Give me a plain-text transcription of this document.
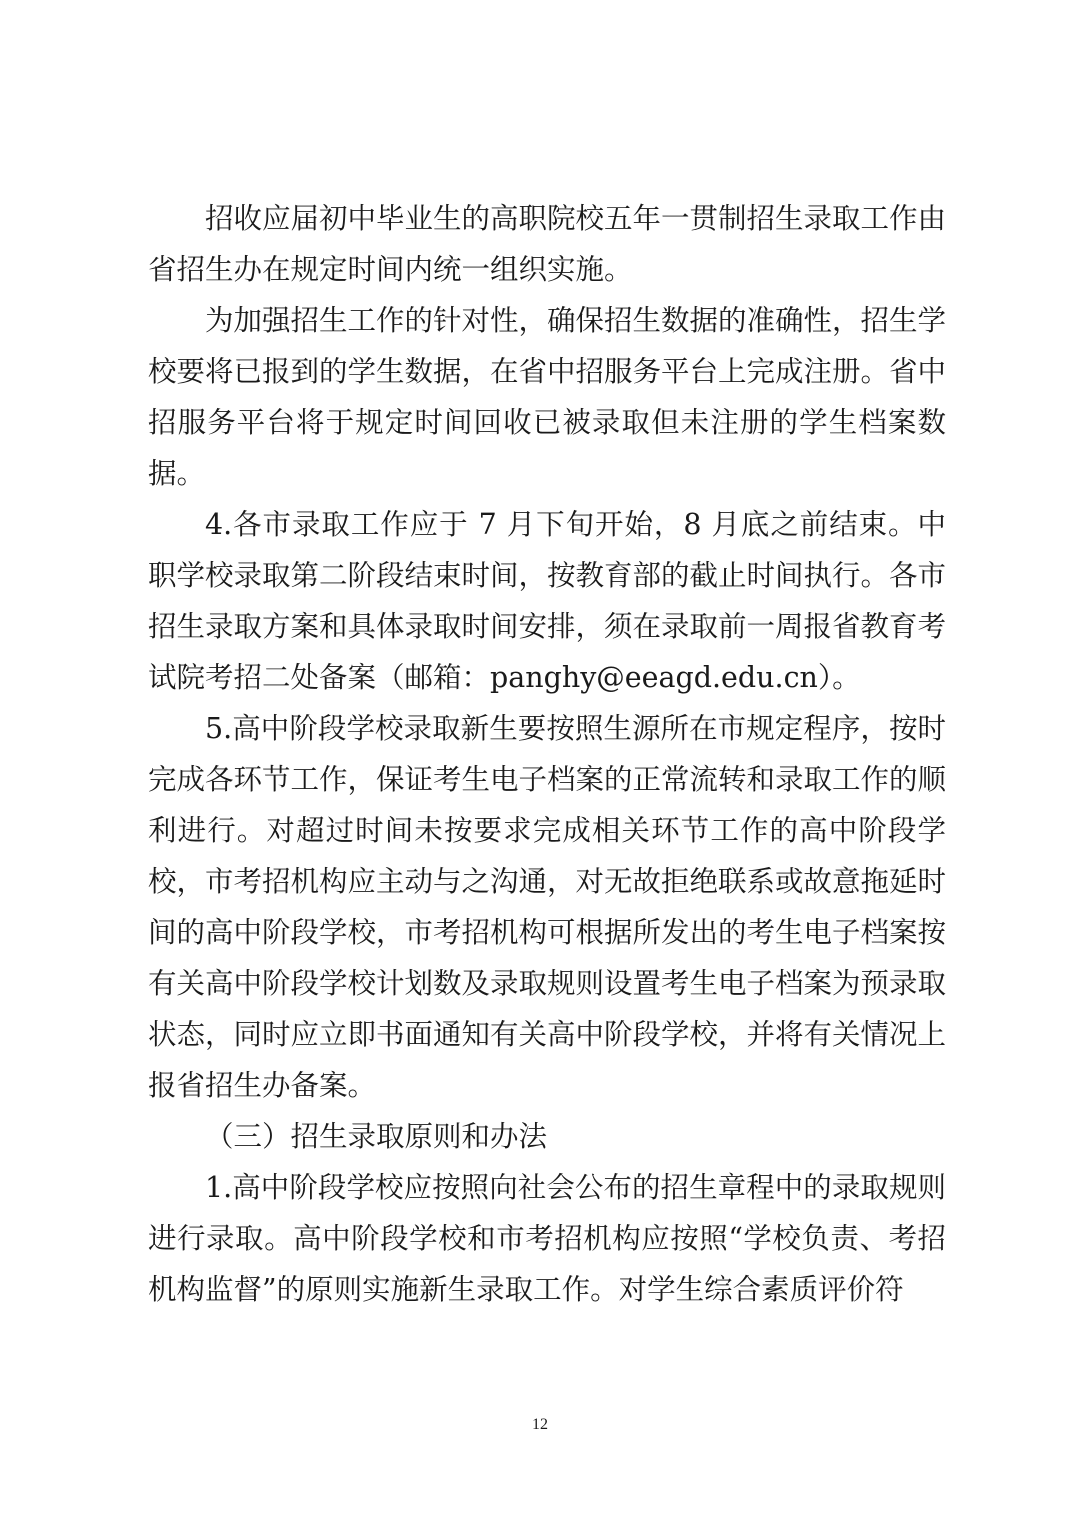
招收应届初中毕业生的高职院校五年一贯制招生录取工作由省招生办在规定时间内统一组织实施。

为加强招生工作的针对性，确保招生数据的准确性，招生学校要将已报到的学生数据，在省中招服务平台上完成注册。省中招服务平台将于规定时间回收已被录取但未注册的学生档案数据。

4.各市录取工作应于 7 月下旬开始，8 月底之前结束。中职学校录取第二阶段结束时间，按教育部的截止时间执行。各市招生录取方案和具体录取时间安排，须在录取前一周报省教育考试院考招二处备案（邮箱：panghy@eeagd.edu.cn）。

5.高中阶段学校录取新生要按照生源所在市规定程序，按时完成各环节工作，保证考生电子档案的正常流转和录取工作的顺利进行。对超过时间未按要求完成相关环节工作的高中阶段学校，市考招机构应主动与之沟通，对无故拒绝联系或故意拖延时间的高中阶段学校，市考招机构可根据所发出的考生电子档案按有关高中阶段学校计划数及录取规则设置考生电子档案为预录取状态，同时应立即书面通知有关高中阶段学校，并将有关情况上报省招生办备案。

（三）招生录取原则和办法

1.高中阶段学校应按照向社会公布的招生章程中的录取规则进行录取。高中阶段学校和市考招机构应按照“学校负责、考招机构监督”的原则实施新生录取工作。对学生综合素质评价符

12
